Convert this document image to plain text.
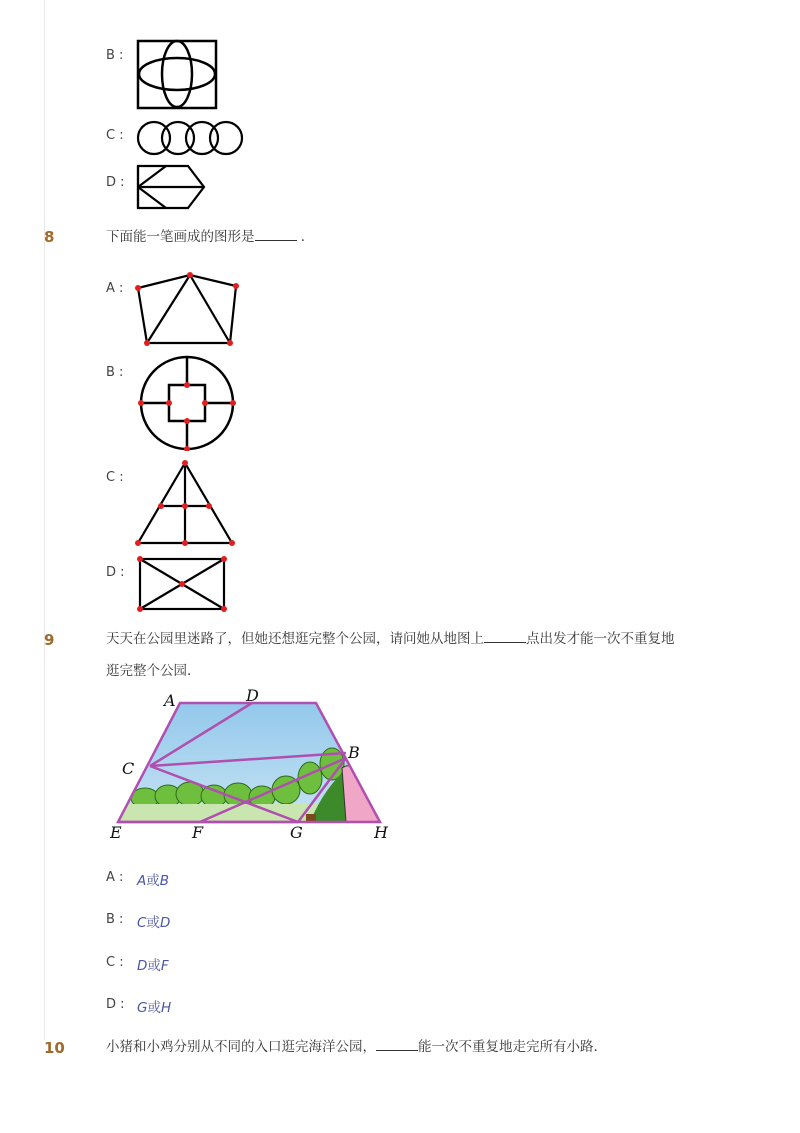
B :
C :
D :
8	下面能一笔画成的图形是	.
A :
B :
C :
D :
9	天天在公园里迷路了，但她还想逛完整个公园，请问她从地图上	点出发才能一次不重复地
逛完整个公园．
A	D
B
C
E	F	G	H
A : A或B
B : C或D
C : D或F
D : G或H
10	小猪和小鸡分别从不同的入口逛完海洋公园，	能一次不重复地走完所有小路．
